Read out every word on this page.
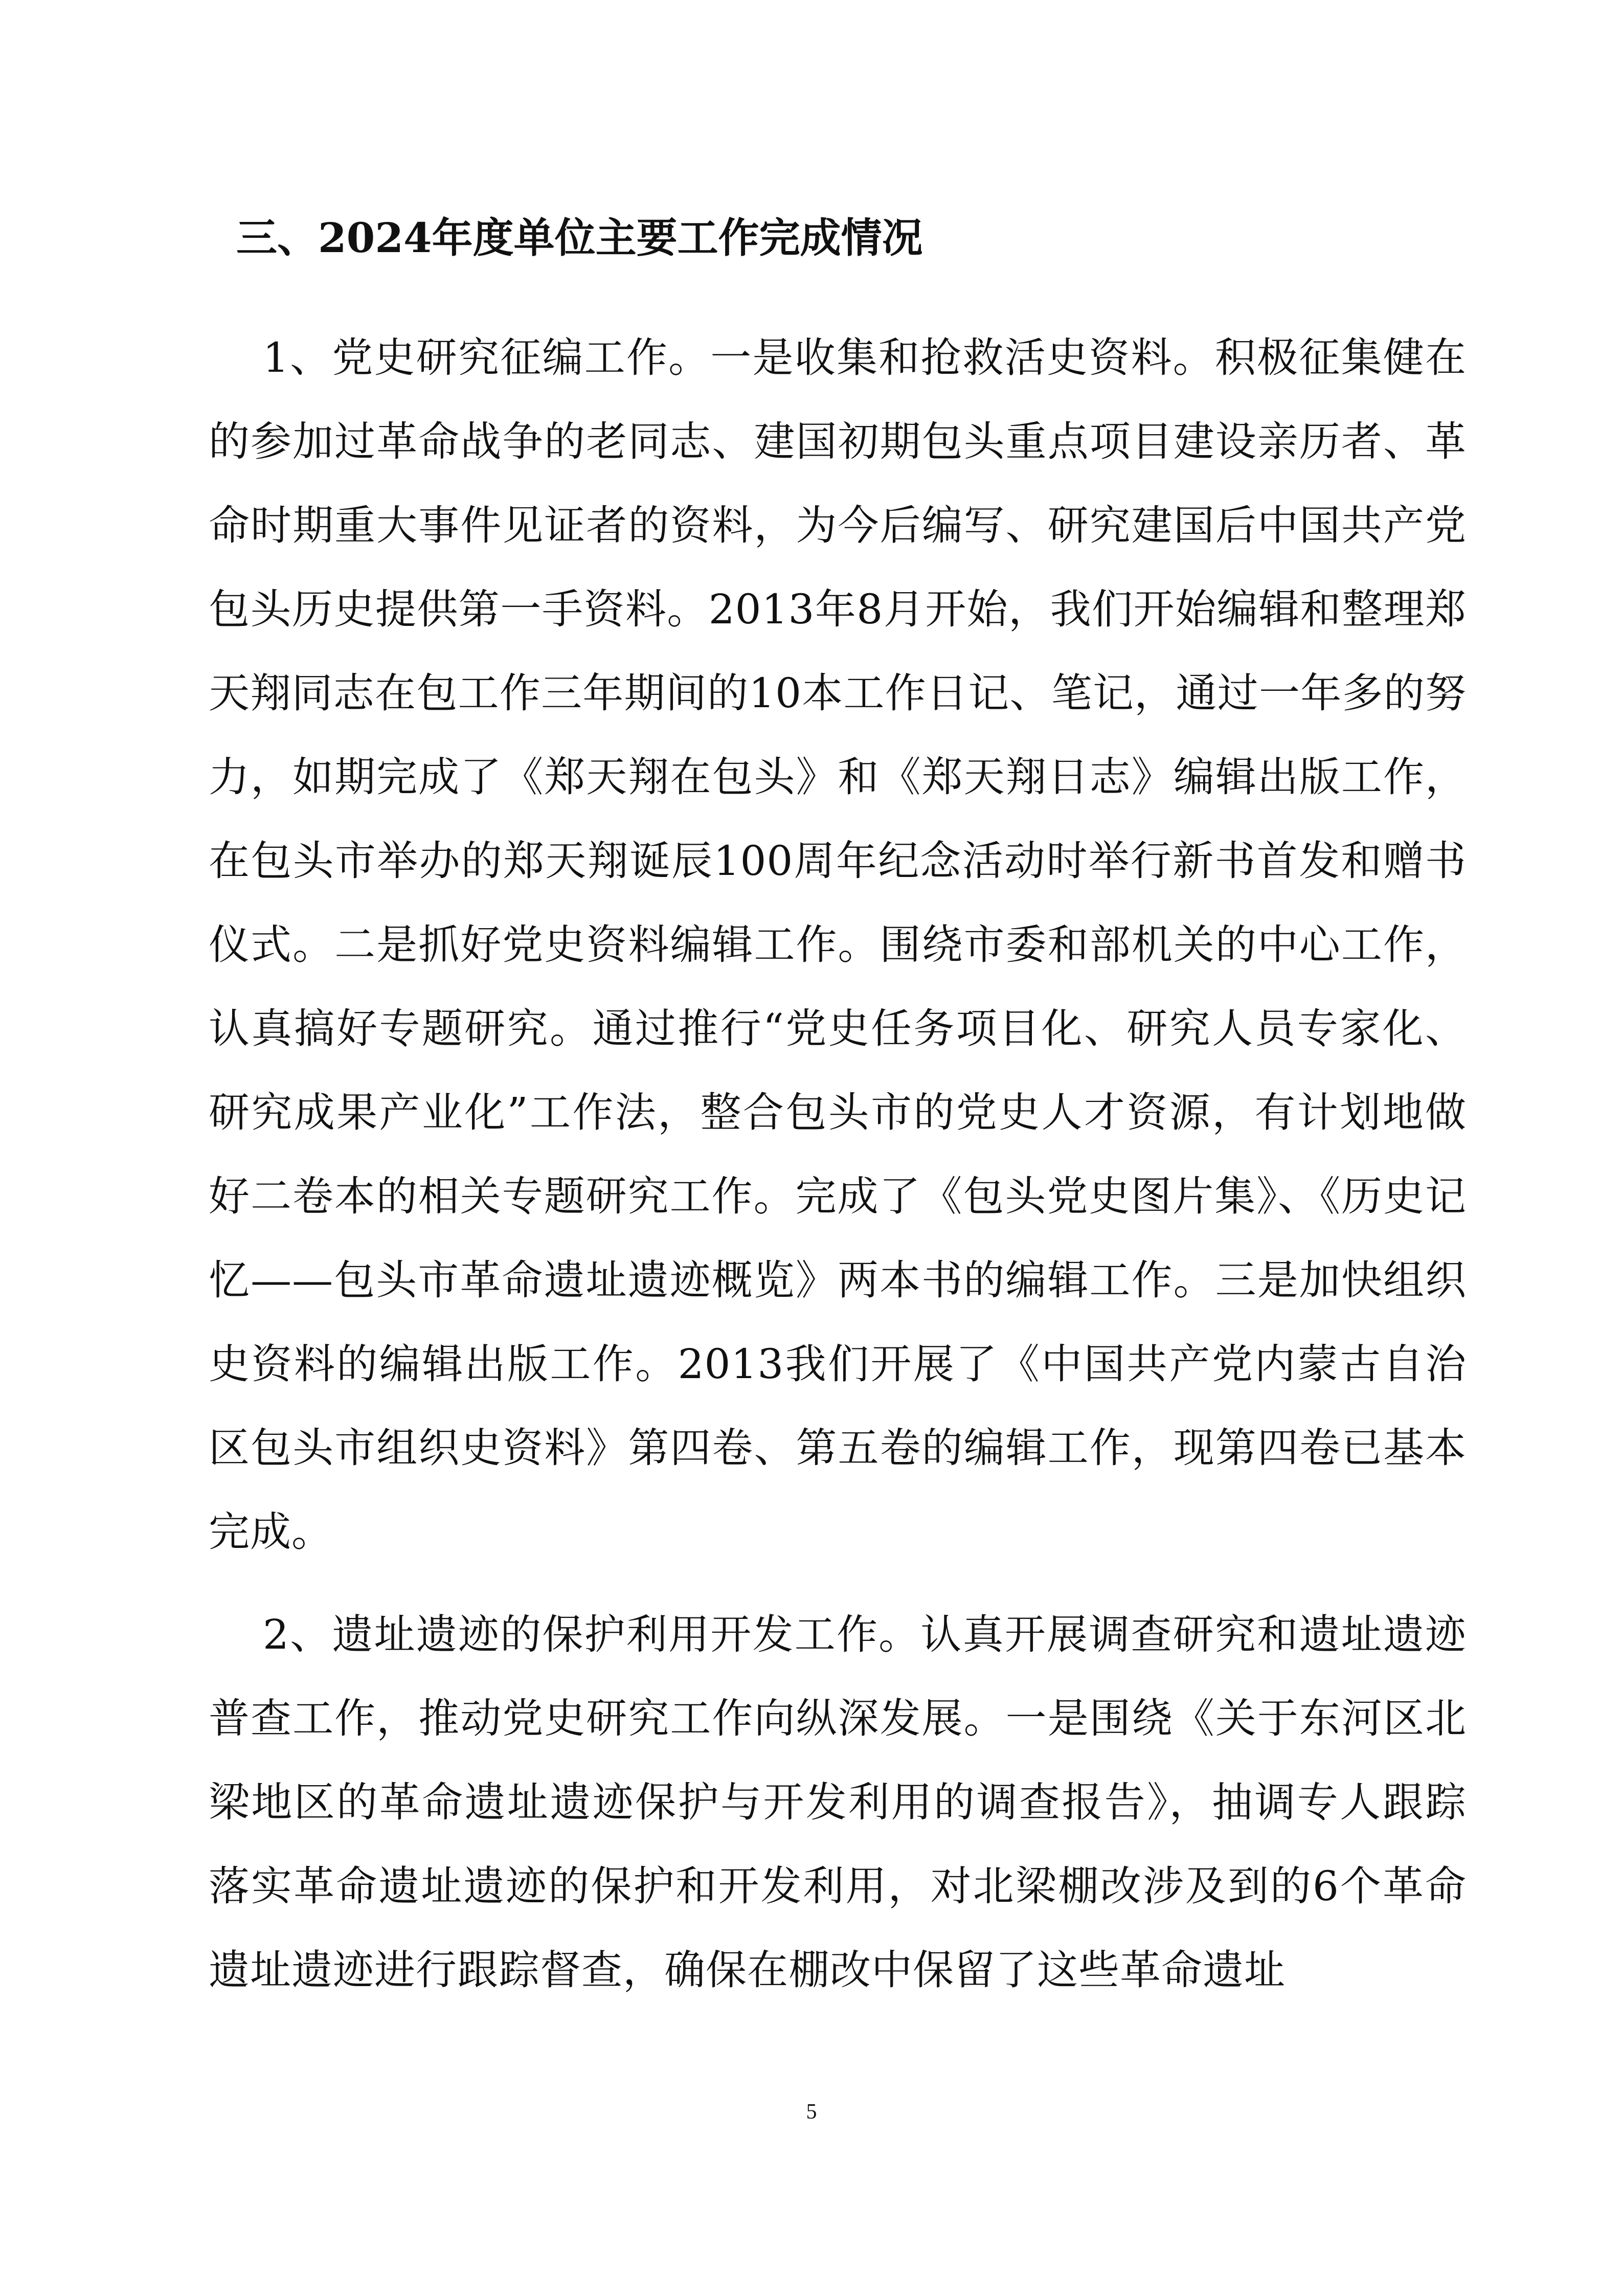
三、2024年度单位主要工作完成情况

1、党史研究征编工作。一是收集和抢救活史资料。积极征集健在的参加过革命战争的老同志、建国初期包头重点项目建设亲历者、革命时期重大事件见证者的资料，为今后编写、研究建国后中国共产党包头历史提供第一手资料。2013年8月开始，我们开始编辑和整理郑天翔同志在包工作三年期间的10本工作日记、笔记，通过一年多的努力，如期完成了《郑天翔在包头》和《郑天翔日志》编辑出版工作，在包头市举办的郑天翔诞辰100周年纪念活动时举行新书首发和赠书仪式。二是抓好党史资料编辑工作。围绕市委和部机关的中心工作，认真搞好专题研究。通过推行“党史任务项目化、研究人员专家化、研究成果产业化”工作法，整合包头市的党史人才资源，有计划地做好二卷本的相关专题研究工作。完成了《包头党史图片集》、《历史记忆——包头市革命遗址遗迹概览》两本书的编辑工作。三是加快组织史资料的编辑出版工作。2013我们开展了《中国共产党内蒙古自治区包头市组织史资料》第四卷、第五卷的编辑工作，现第四卷已基本完成。

2、遗址遗迹的保护利用开发工作。认真开展调查研究和遗址遗迹普查工作，推动党史研究工作向纵深发展。一是围绕《关于东河区北梁地区的革命遗址遗迹保护与开发利用的调查报告》，抽调专人跟踪落实革命遗址遗迹的保护和开发利用，对北梁棚改涉及到的6个革命遗址遗迹进行跟踪督查，确保在棚改中保留了这些革命遗址

5
